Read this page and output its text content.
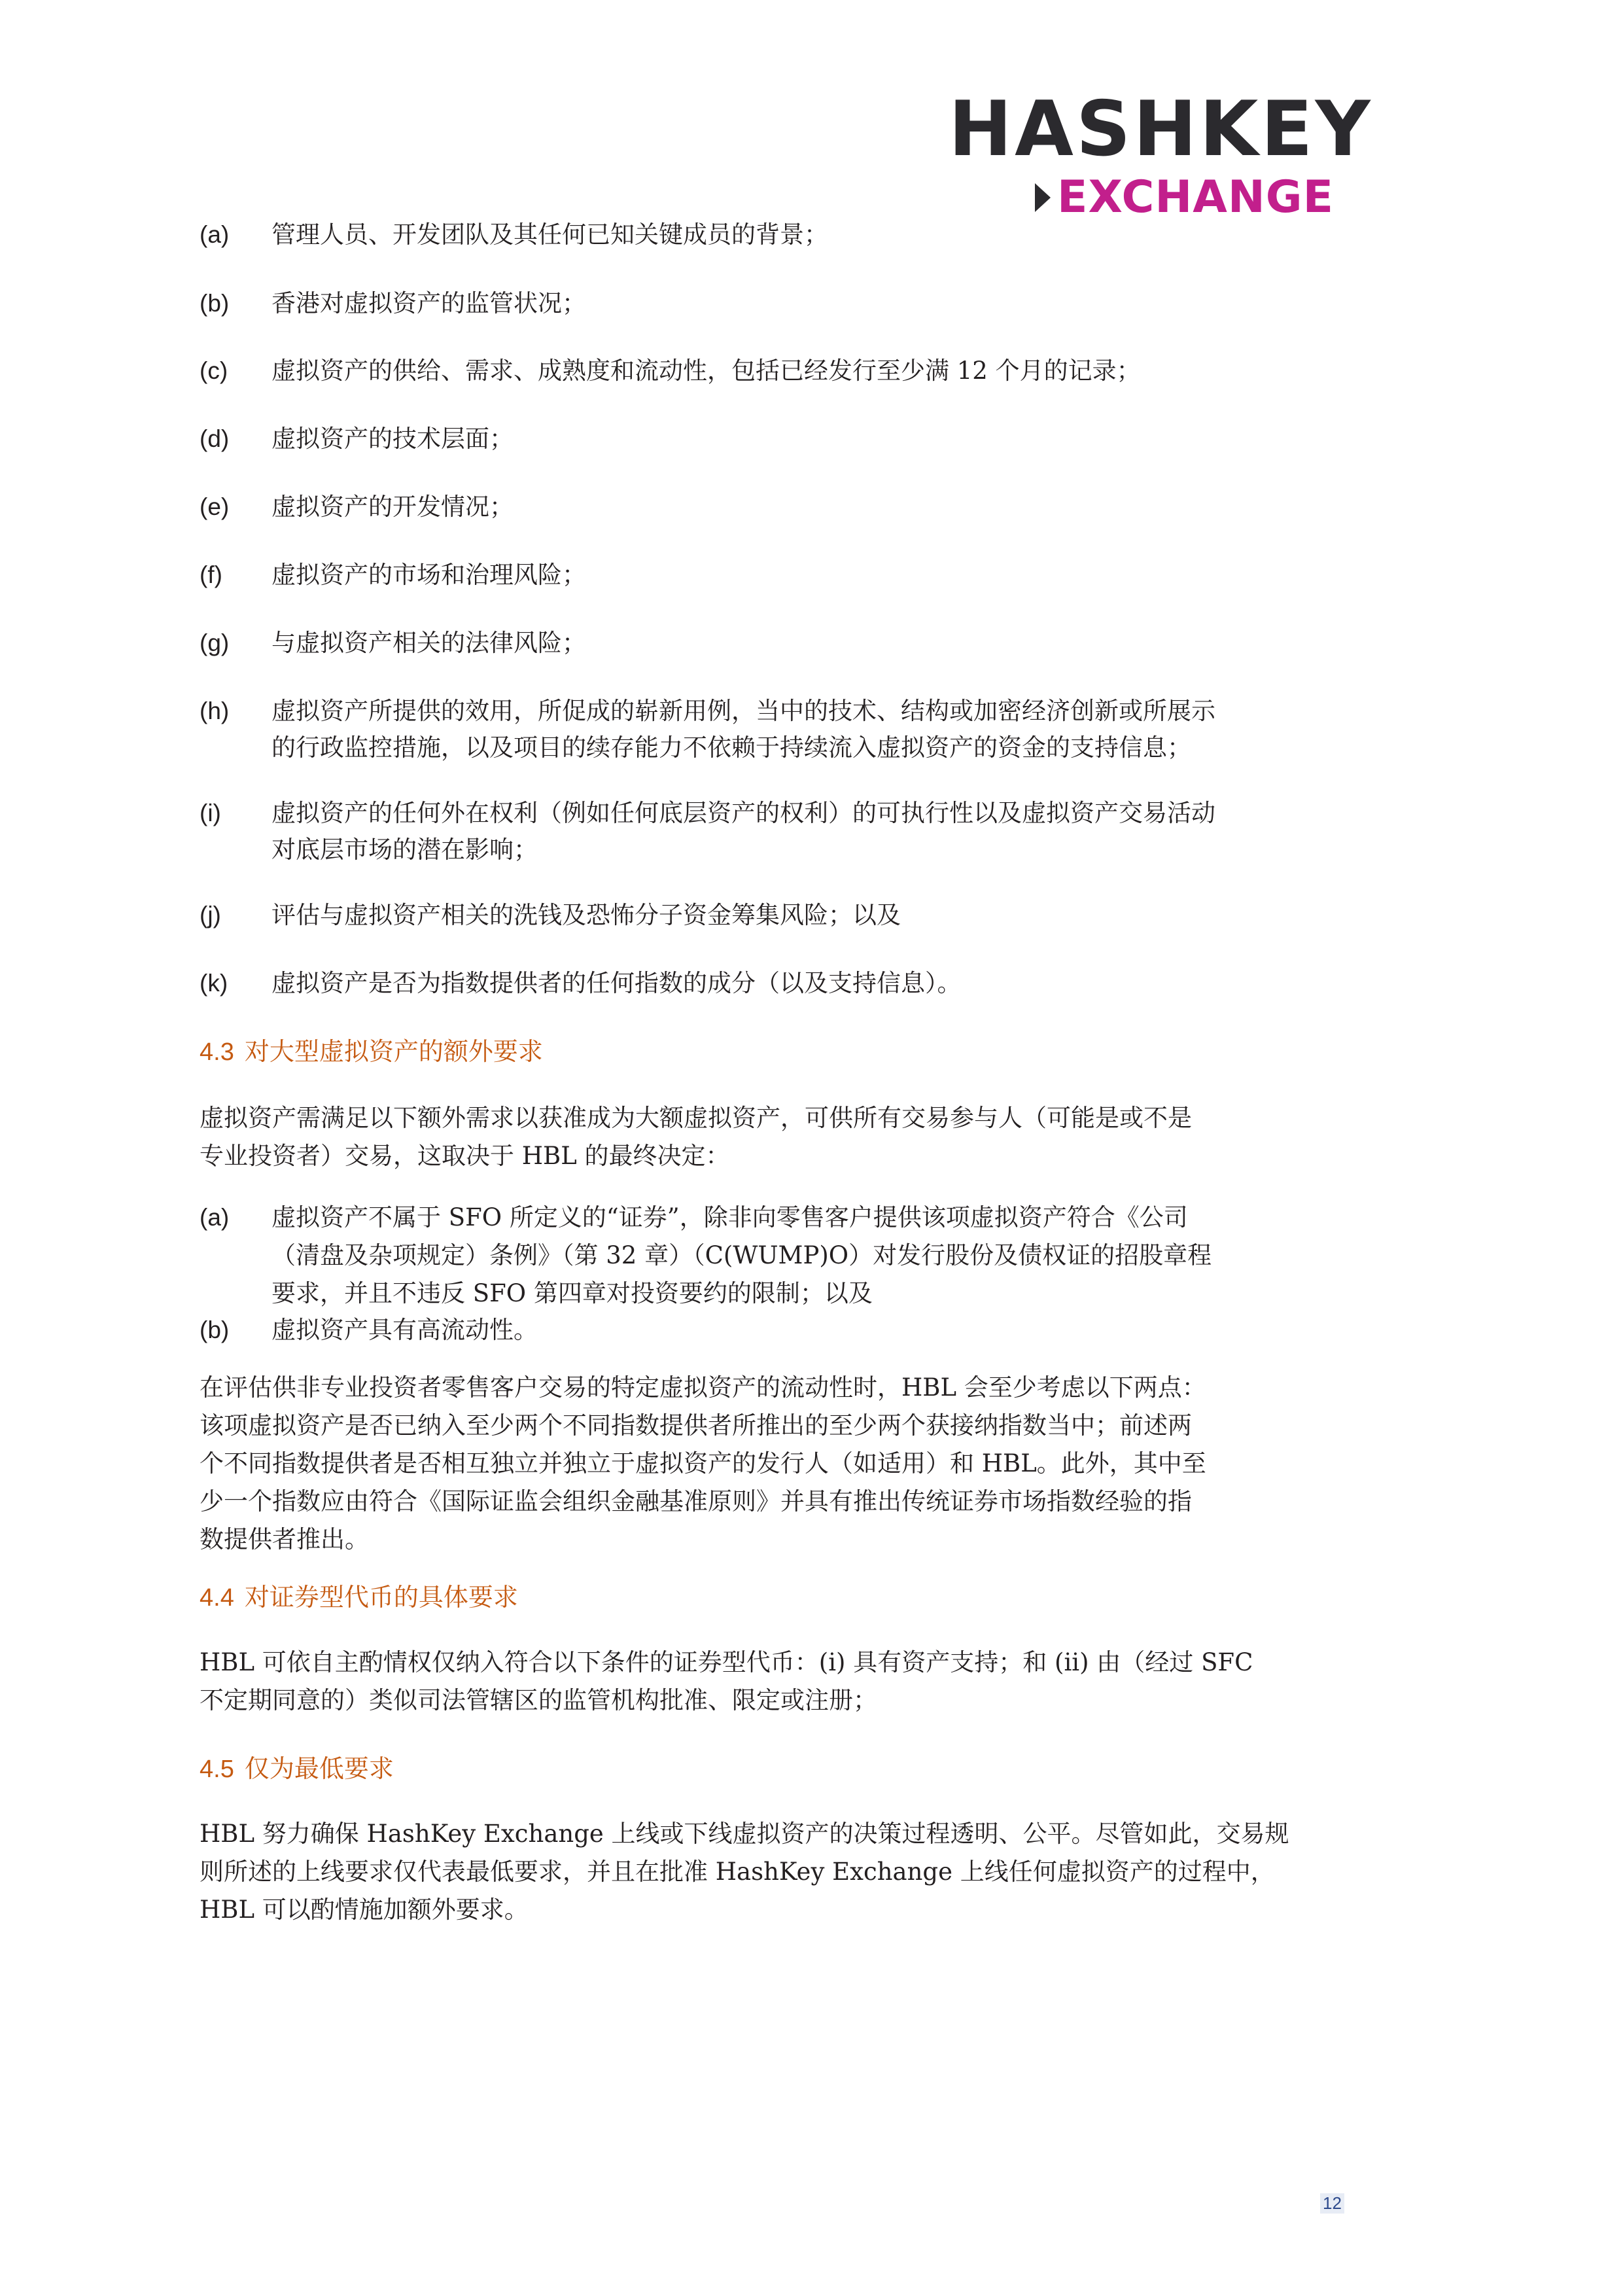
HASHKEY
EXCHANGE
(a)	管理人员、开发团队及其任何已知关键成员的背景；
(b)	香港对虚拟资产的监管状况；
(c)	虚拟资产的供给、需求、成熟度和流动性，包括已经发行至少满 12 个月的记录；
(d)	虚拟资产的技术层面；
(e)	虚拟资产的开发情况；
(f)	虚拟资产的市场和治理风险；
(g)	与虚拟资产相关的法律风险；
(h)	虚拟资产所提供的效用，所促成的崭新用例，当中的技术、结构或加密经济创新或所展示
的行政监控措施，以及项目的续存能力不依赖于持续流入虚拟资产的资金的支持信息；
(i)	虚拟资产的任何外在权利（例如任何底层资产的权利）的可执行性以及虚拟资产交易活动
对底层市场的潜在影响；
(j)	评估与虚拟资产相关的洗钱及恐怖分子资金筹集风险；以及
(k)	虚拟资产是否为指数提供者的任何指数的成分（以及支持信息）。
4.3 对大型虚拟资产的额外要求
虚拟资产需满足以下额外需求以获准成为大额虚拟资产，可供所有交易参与人（可能是或不是
专业投资者）交易，这取决于 HBL 的最终决定：
(a)	虚拟资产不属于 SFO 所定义的“证券”，除非向零售客户提供该项虚拟资产符合《公司
（清盘及杂项规定）条例》（第 32 章）（C(WUMP)O）对发行股份及债权证的招股章程
要求，并且不违反 SFO 第四章对投资要约的限制；以及
(b)	虚拟资产具有高流动性。
在评估供非专业投资者零售客户交易的特定虚拟资产的流动性时，HBL 会至少考虑以下两点：
该项虚拟资产是否已纳入至少两个不同指数提供者所推出的至少两个获接纳指数当中；前述两
个不同指数提供者是否相互独立并独立于虚拟资产的发行人（如适用）和 HBL。此外，其中至
少一个指数应由符合《国际证监会组织金融基准原则》并具有推出传统证券市场指数经验的指
数提供者推出。
4.4 对证券型代币的具体要求
HBL 可依自主酌情权仅纳入符合以下条件的证券型代币：(i) 具有资产支持；和 (ii) 由（经过 SFC
不定期同意的）类似司法管辖区的监管机构批准、限定或注册；
4.5 仅为最低要求
HBL 努力确保 HashKey Exchange 上线或下线虚拟资产的决策过程透明、公平。尽管如此，交易规
则所述的上线要求仅代表最低要求，并且在批准 HashKey Exchange 上线任何虚拟资产的过程中，
HBL 可以酌情施加额外要求。
12
